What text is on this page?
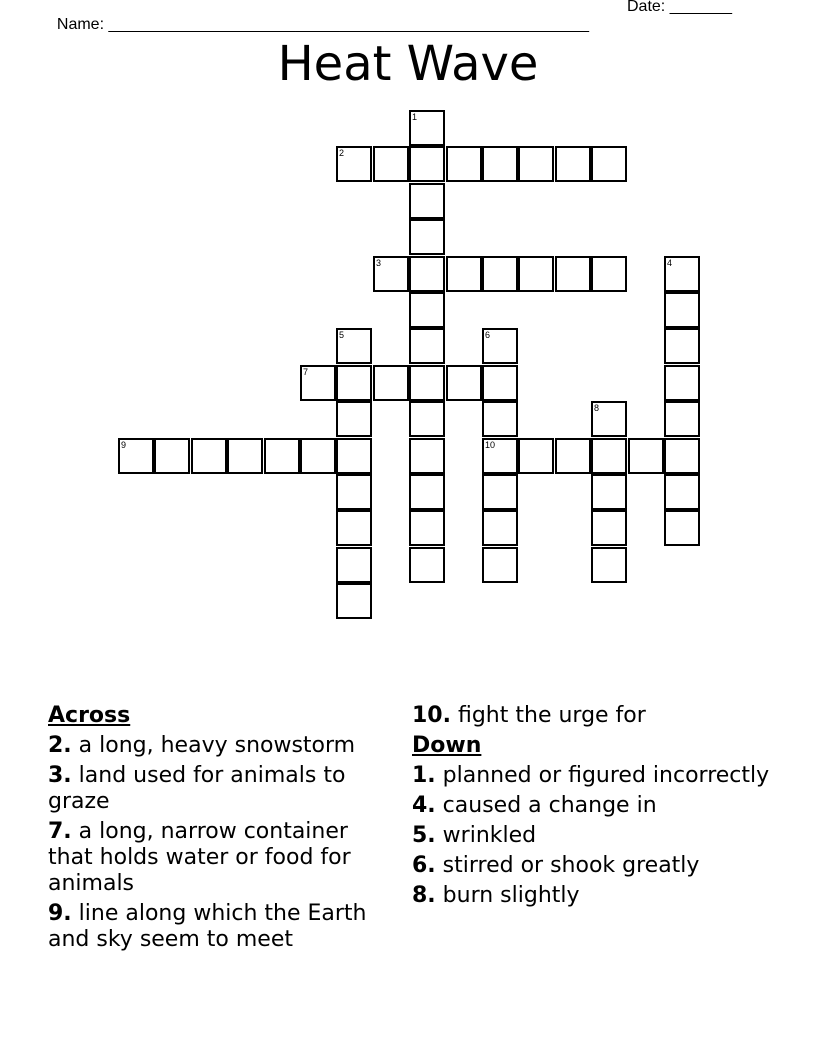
Name: ______________________________________________________

Date: _______

Heat Wave
1
2
3	4
5	6
10
7
8
9
Across
2. a long, heavy snowstorm
3. land used for animals to graze
7. a long, narrow container that holds water or food for animals
9. line along which the Earth and sky seem to meet
10. fight the urge for
Down
1. planned or figured incorrectly
4. caused a change in
5. wrinkled
6. stirred or shook greatly
8. burn slightly
